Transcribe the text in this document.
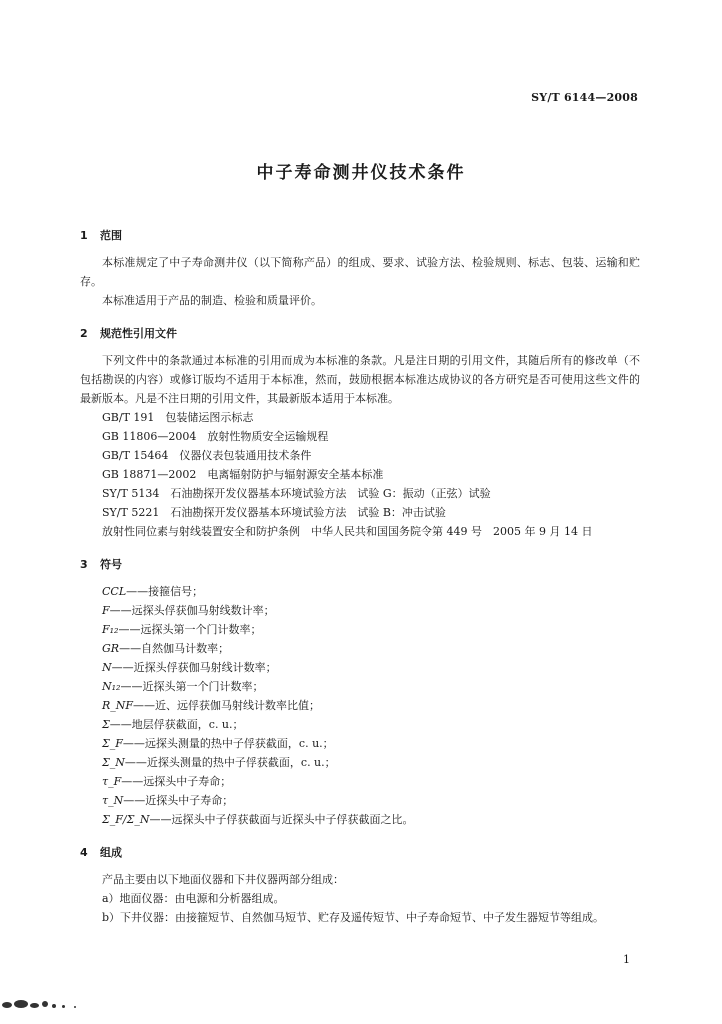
SY/T 6144—2008
中子寿命测井仪技术条件
1 范围

本标准规定了中子寿命测井仪（以下简称产品）的组成、要求、试验方法、检验规则、标志、包装、运输和贮存。

本标准适用于产品的制造、检验和质量评价。

2 规范性引用文件

下列文件中的条款通过本标准的引用而成为本标准的条款。凡是注日期的引用文件，其随后所有的修改单（不包括勘误的内容）或修订版均不适用于本标准，然而，鼓励根据本标准达成协议的各方研究是否可使用这些文件的最新版本。凡是不注日期的引用文件，其最新版本适用于本标准。

GB/T 191　包装储运图示标志

GB 11806—2004　放射性物质安全运输规程

GB/T 15464　仪器仪表包装通用技术条件

GB 18871—2002　电离辐射防护与辐射源安全基本标准

SY/T 5134　石油勘探开发仪器基本环境试验方法　试验 G：振动（正弦）试验

SY/T 5221　石油勘探开发仪器基本环境试验方法　试验 B：冲击试验

放射性同位素与射线装置安全和防护条例　中华人民共和国国务院令第 449 号　2005 年 9 月 14 日

3 符号
CCL——接箍信号；
F——远探头俘获伽马射线数计率；
F₁₂——远探头第一个门计数率；
GR——自然伽马计数率；
N——近探头俘获伽马射线计数率；
N₁₂——近探头第一个门计数率；
R_NF——近、远俘获伽马射线计数率比值；
Σ——地层俘获截面，c. u.；
Σ_F——远探头测量的热中子俘获截面，c. u.；
Σ_N——近探头测量的热中子俘获截面，c. u.；
τ_F——远探头中子寿命；
τ_N——近探头中子寿命；
Σ_F/Σ_N——远探头中子俘获截面与近探头中子俘获截面之比。
4 组成

产品主要由以下地面仪器和下井仪器两部分组成：

a）地面仪器：由电源和分析器组成。

b）下井仪器：由接箍短节、自然伽马短节、贮存及遥传短节、中子寿命短节、中子发生器短节等组成。

1
